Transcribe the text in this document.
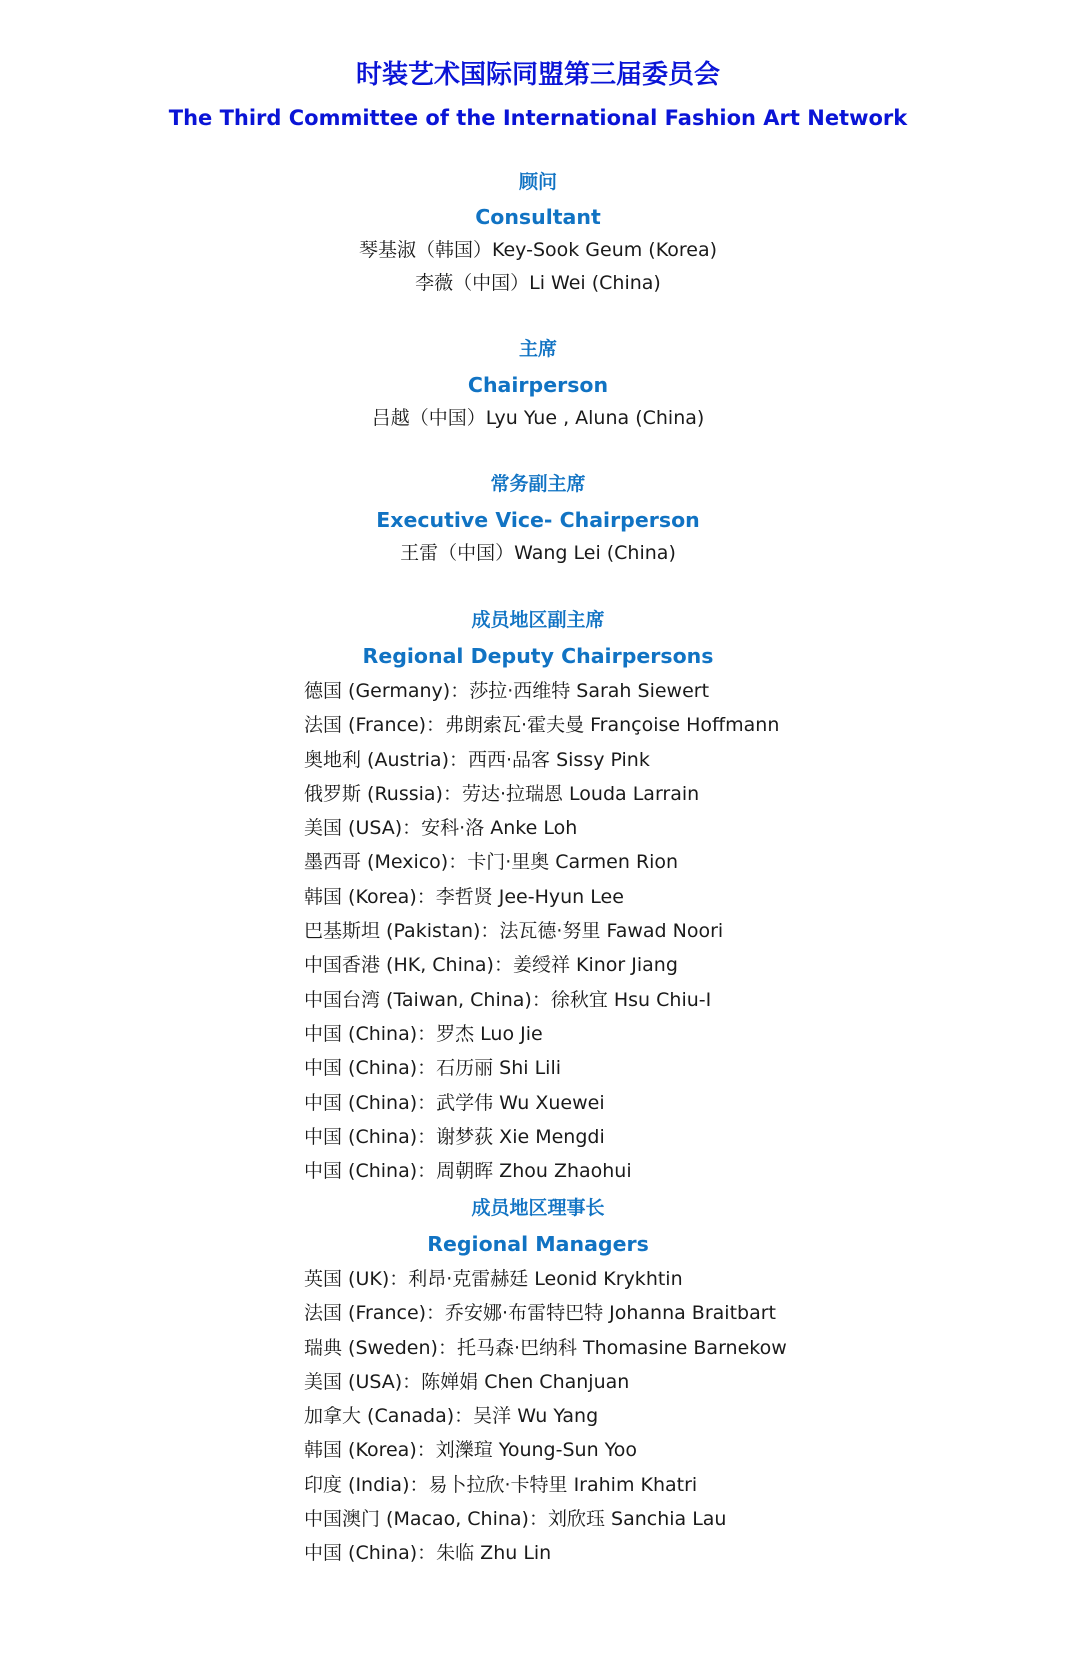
时装艺术国际同盟第三届委员会
The Third Committee of the International Fashion Art Network
顾问
Consultant
琴基淑（韩国）Key-Sook Geum (Korea)
李薇（中国）Li Wei (China)
主席
Chairperson
吕越（中国）Lyu Yue , Aluna (China)
常务副主席
Executive Vice- Chairperson
王雷（中国）Wang Lei (China)
成员地区副主席
Regional Deputy Chairpersons
德国 (Germany)：莎拉·西维特 Sarah Siewert
法国 (France)：弗朗索瓦·霍夫曼 Françoise Hoffmann
奥地利 (Austria)：西西·品客 Sissy Pink
俄罗斯 (Russia)：劳达·拉瑞恩 Louda Larrain
美国 (USA)：安科·洛 Anke Loh
墨西哥 (Mexico)：卡门·里奥 Carmen Rion
韩国 (Korea)：李哲贤 Jee-Hyun Lee
巴基斯坦 (Pakistan)：法瓦德·努里 Fawad Noori
中国香港 (HK, China)：姜绶祥 Kinor Jiang
中国台湾 (Taiwan, China)：徐秋宜 Hsu Chiu-I
中国 (China)：罗杰 Luo Jie
中国 (China)：石历丽 Shi Lili
中国 (China)：武学伟 Wu Xuewei
中国 (China)：谢梦荻 Xie Mengdi
中国 (China)：周朝晖 Zhou Zhaohui
成员地区理事长
Regional Managers
英国 (UK)：利昂·克雷赫廷 Leonid Krykhtin
法国 (France)：乔安娜·布雷特巴特 Johanna Braitbart
瑞典 (Sweden)：托马森·巴纳科 Thomasine Barnekow
美国 (USA)：陈婵娟 Chen Chanjuan
加拿大 (Canada)：吴洋 Wu Yang
韩国 (Korea)：刘濼瑄 Young-Sun Yoo
印度 (India)：易卜拉欣·卡特里 Irahim Khatri
中国澳门 (Macao, China)：刘欣珏 Sanchia Lau
中国 (China)：朱临 Zhu Lin
